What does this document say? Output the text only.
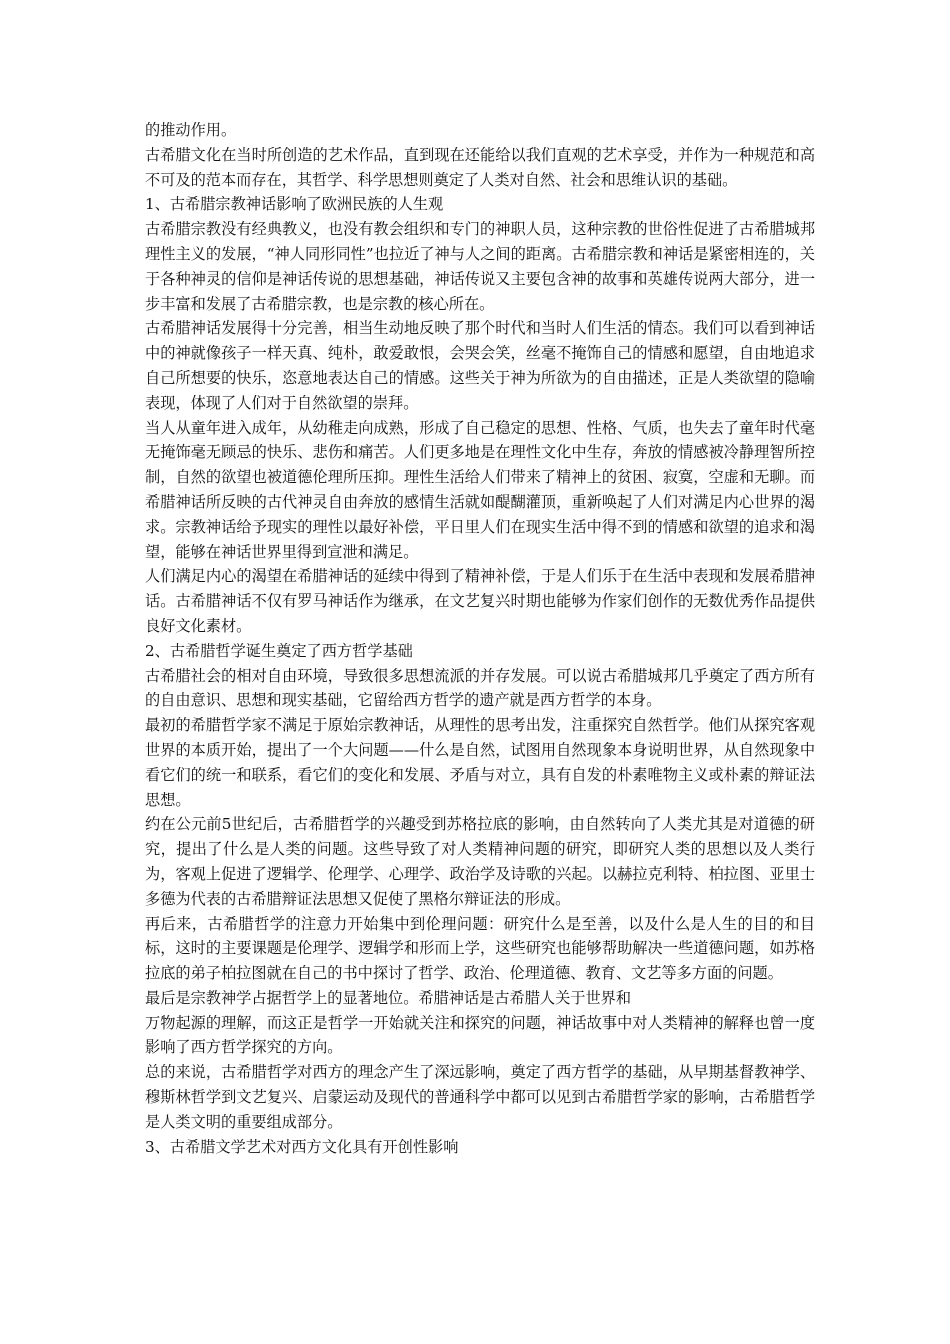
的推动作用。

古希腊文化在当时所创造的艺术作品，直到现在还能给以我们直观的艺术享受，并作为一种规范和高不可及的范本而存在，其哲学、科学思想则奠定了人类对自然、社会和思维认识的基础。

1、古希腊宗教神话影响了欧洲民族的人生观

古希腊宗教没有经典教义，也没有教会组织和专门的神职人员，这种宗教的世俗性促进了古希腊城邦理性主义的发展，“神人同形同性”也拉近了神与人之间的距离。古希腊宗教和神话是紧密相连的，关于各种神灵的信仰是神话传说的思想基础，神话传说又主要包含神的故事和英雄传说两大部分，进一步丰富和发展了古希腊宗教，也是宗教的核心所在。

古希腊神话发展得十分完善，相当生动地反映了那个时代和当时人们生活的情态。我们可以看到神话中的神就像孩子一样天真、纯朴，敢爱敢恨，会哭会笑，丝毫不掩饰自己的情感和愿望，自由地追求自己所想要的快乐，恣意地表达自己的情感。这些关于神为所欲为的自由描述，正是人类欲望的隐喻表现，体现了人们对于自然欲望的崇拜。

当人从童年进入成年，从幼稚走向成熟，形成了自己稳定的思想、性格、气质，也失去了童年时代毫无掩饰毫无顾忌的快乐、悲伤和痛苦。人们更多地是在理性文化中生存，奔放的情感被冷静理智所控制，自然的欲望也被道德伦理所压抑。理性生活给人们带来了精神上的贫困、寂寞，空虚和无聊。而希腊神话所反映的古代神灵自由奔放的感情生活就如醍醐灌顶，重新唤起了人们对满足内心世界的渴求。宗教神话给予现实的理性以最好补偿，平日里人们在现实生活中得不到的情感和欲望的追求和渴望，能够在神话世界里得到宣泄和满足。

人们满足内心的渴望在希腊神话的延续中得到了精神补偿，于是人们乐于在生活中表现和发展希腊神话。古希腊神话不仅有罗马神话作为继承，在文艺复兴时期也能够为作家们创作的无数优秀作品提供良好文化素材。

2、古希腊哲学诞生奠定了西方哲学基础

古希腊社会的相对自由环境，导致很多思想流派的并存发展。可以说古希腊城邦几乎奠定了西方所有的自由意识、思想和现实基础，它留给西方哲学的遗产就是西方哲学的本身。

最初的希腊哲学家不满足于原始宗教神话，从理性的思考出发，注重探究自然哲学。他们从探究客观世界的本质开始，提出了一个大问题——什么是自然，试图用自然现象本身说明世界，从自然现象中看它们的统一和联系，看它们的变化和发展、矛盾与对立，具有自发的朴素唯物主义或朴素的辩证法思想。

约在公元前5世纪后，古希腊哲学的兴趣受到苏格拉底的影响，由自然转向了人类尤其是对道德的研究，提出了什么是人类的问题。这些导致了对人类精神问题的研究，即研究人类的思想以及人类行为，客观上促进了逻辑学、伦理学、心理学、政治学及诗歌的兴起。以赫拉克利特、柏拉图、亚里士多德为代表的古希腊辩证法思想又促使了黑格尔辩证法的形成。

再后来，古希腊哲学的注意力开始集中到伦理问题：研究什么是至善，以及什么是人生的目的和目标，这时的主要课题是伦理学、逻辑学和形而上学，这些研究也能够帮助解决一些道德问题，如苏格拉底的弟子柏拉图就在自己的书中探讨了哲学、政治、伦理道德、教育、文艺等多方面的问题。

最后是宗教神学占据哲学上的显著地位。希腊神话是古希腊人关于世界和

万物起源的理解，而这正是哲学一开始就关注和探究的问题，神话故事中对人类精神的解释也曾一度影响了西方哲学探究的方向。

总的来说，古希腊哲学对西方的理念产生了深远影响，奠定了西方哲学的基础，从早期基督教神学、穆斯林哲学到文艺复兴、启蒙运动及现代的普通科学中都可以见到古希腊哲学家的影响，古希腊哲学是人类文明的重要组成部分。

3、古希腊文学艺术对西方文化具有开创性影响
